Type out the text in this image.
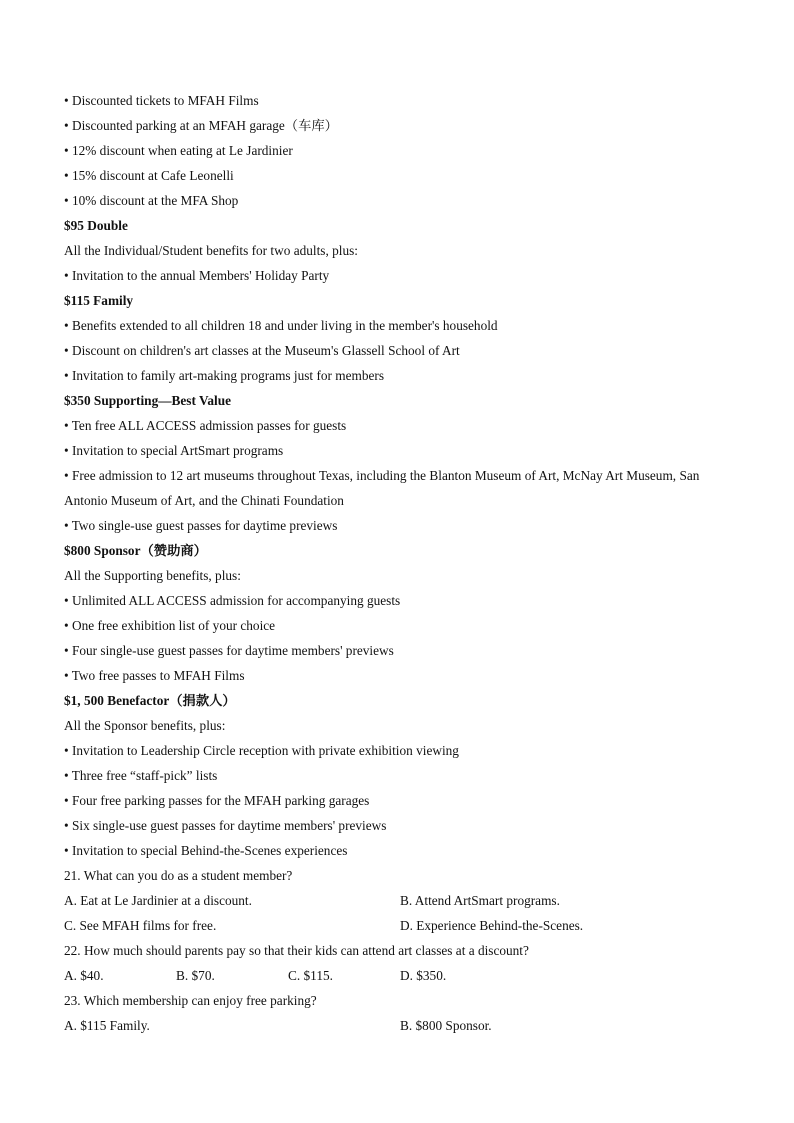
• Discounted tickets to MFAH Films
• Discounted parking at an MFAH garage（车库）
• 12% discount when eating at Le Jardinier
• 15% discount at Cafe Leonelli
• 10% discount at the MFA Shop
$95 Double
All the Individual/Student benefits for two adults, plus:
• Invitation to the annual Members' Holiday Party
$115 Family
• Benefits extended to all children 18 and under living in the member's household
• Discount on children's art classes at the Museum's Glassell School of Art
• Invitation to family art-making programs just for members
$350 Supporting—Best Value
• Ten free ALL ACCESS admission passes for guests
• Invitation to special ArtSmart programs
• Free admission to 12 art museums throughout Texas, including the Blanton Museum of Art, McNay Art Museum, San Antonio Museum of Art, and the Chinati Foundation
• Two single-use guest passes for daytime previews
$800 Sponsor（赞助商）
All the Supporting benefits, plus:
• Unlimited ALL ACCESS admission for accompanying guests
• One free exhibition list of your choice
• Four single-use guest passes for daytime members' previews
• Two free passes to MFAH Films
$1, 500 Benefactor（捐款人）
All the Sponsor benefits, plus:
• Invitation to Leadership Circle reception with private exhibition viewing
• Three free “staff-pick” lists
• Four free parking passes for the MFAH parking garages
• Six single-use guest passes for daytime members' previews
• Invitation to special Behind-the-Scenes experiences
21. What can you do as a student member?
A. Eat at Le Jardinier at a discount.	B. Attend ArtSmart programs.
C. See MFAH films for free.	D. Experience Behind-the-Scenes.
22. How much should parents pay so that their kids can attend art classes at a discount?
A. $40.	B. $70.	C. $115.	D. $350.
23. Which membership can enjoy free parking?
A. $115 Family.	B. $800 Sponsor.
